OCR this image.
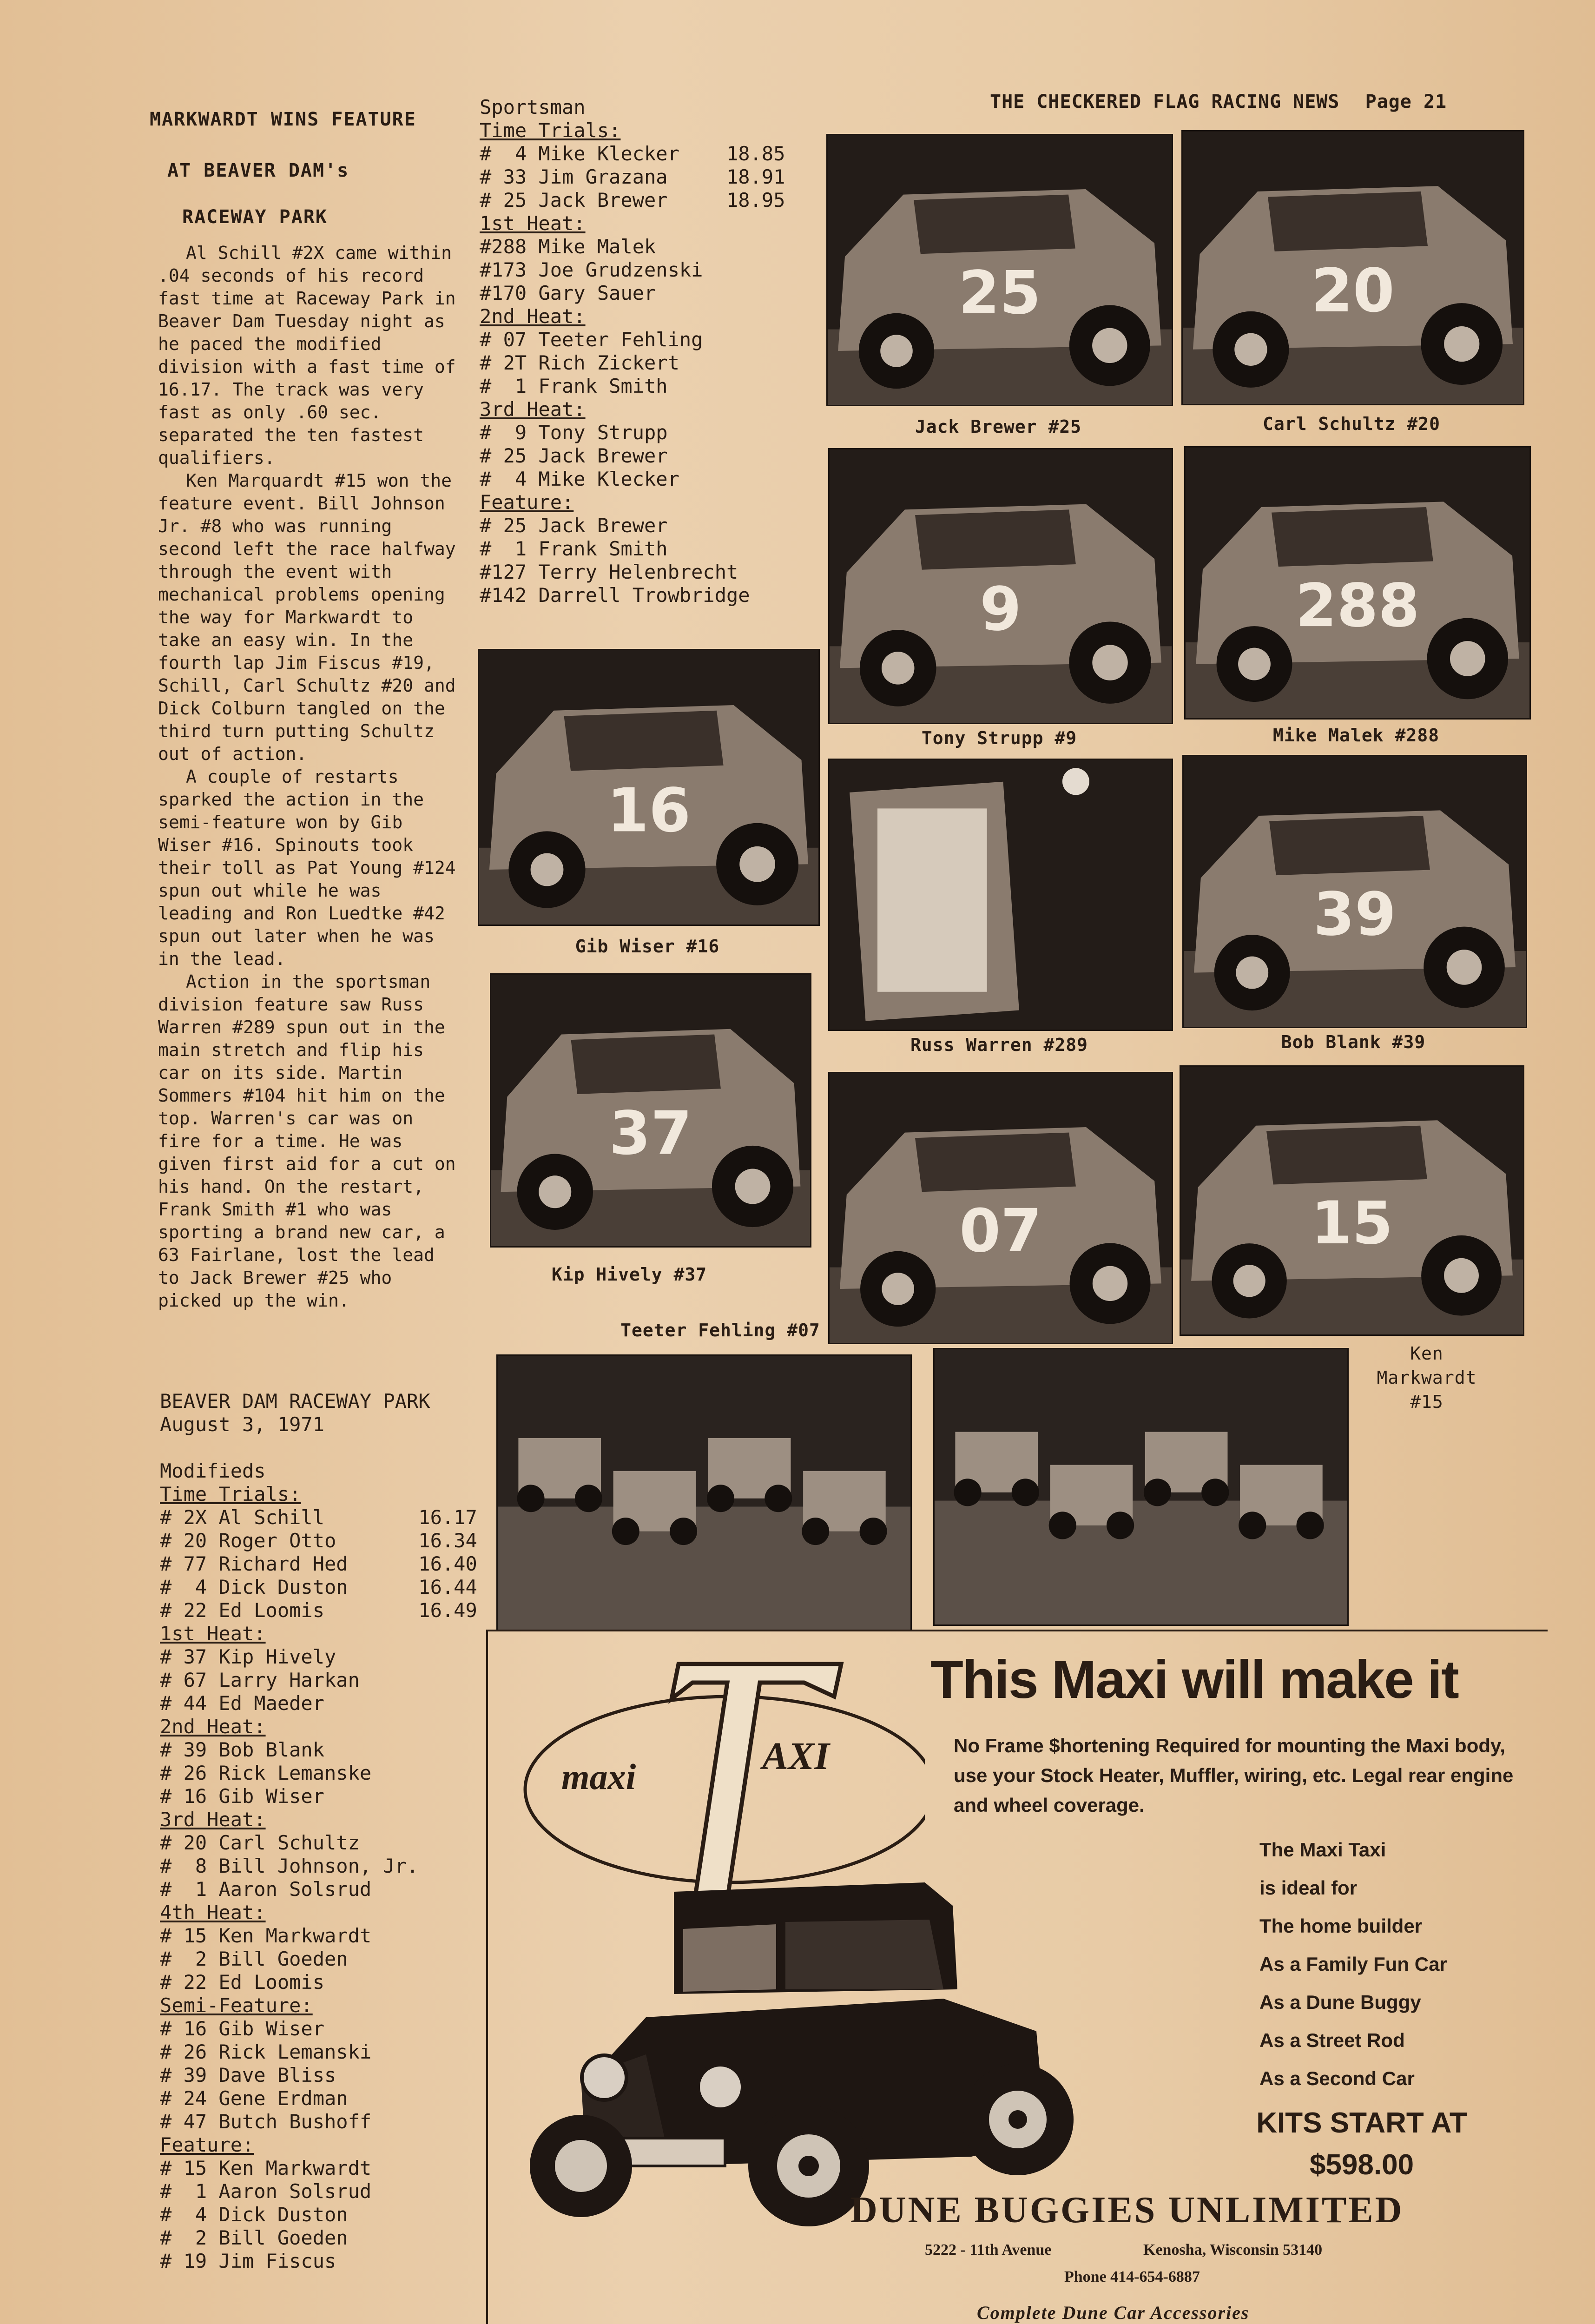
THE CHECKERED FLAG RACING NEWS Page 21
MARKWARDT WINS FEATURE
AT BEAVER DAM's
RACEWAY PARK

Al Schill #2X came within .04 seconds of his record fast time at Raceway Park in Beaver Dam Tuesday night as he paced the modified division with a fast time of 16.17. The track was very fast as only .60 sec. separated the ten fastest qualifiers.

Ken Marquardt #15 won the feature event. Bill Johnson Jr. #8 who was running second left the race halfway through the event with mechanical problems opening the way for Markwardt to take an easy win. In the fourth lap Jim Fiscus #19, Schill, Carl Schultz #20 and Dick Colburn tangled on the third turn putting Schultz out of action.

A couple of restarts sparked the action in the semi-feature won by Gib Wiser #16. Spinouts took their toll as Pat Young #124 spun out while he was leading and Ron Luedtke #42 spun out later when he was in the lead.

Action in the sportsman division feature saw Russ Warren #289 spun out in the main stretch and flip his car on its side. Martin Sommers #104 hit him on the top. Warren's car was on fire for a time. He was given first aid for a cut on his hand. On the restart, Frank Smith #1 who was sporting a brand new car, a 63 Fairlane, lost the lead to Jack Brewer #25 who picked up the win.

BEAVER DAM RACEWAY PARK
August 3, 1971
Modifieds
Time Trials:
# 2X Al Schill        16.17
# 20 Roger Otto       16.34
# 77 Richard Hed      16.40
#  4 Dick Duston      16.44
# 22 Ed Loomis        16.49
1st Heat:
# 37 Kip Hively
# 67 Larry Harkan
# 44 Ed Maeder
2nd Heat:
# 39 Bob Blank
# 26 Rick Lemanske
# 16 Gib Wiser
3rd Heat:
# 20 Carl Schultz
#  8 Bill Johnson, Jr.
#  1 Aaron Solsrud
4th Heat:
# 15 Ken Markwardt
#  2 Bill Goeden
# 22 Ed Loomis
Semi-Feature:
# 16 Gib Wiser
# 26 Rick Lemanski
# 39 Dave Bliss
# 24 Gene Erdman
# 47 Butch Bushoff
Feature:
# 15 Ken Markwardt
#  1 Aaron Solsrud
#  4 Dick Duston
#  2 Bill Goeden
# 19 Jim Fiscus
Sportsman
Time Trials:
#  4 Mike Klecker    18.85
# 33 Jim Grazana     18.91
# 25 Jack Brewer     18.95
1st Heat:
#288 Mike Malek
#173 Joe Grudzenski
#170 Gary Sauer
2nd Heat:
# 07 Teeter Fehling
# 2T Rich Zickert
#  1 Frank Smith
3rd Heat:
#  9 Tony Strupp
# 25 Jack Brewer
#  4 Mike Klecker
Feature:
# 25 Jack Brewer
#  1 Frank Smith
#127 Terry Helenbrecht
#142 Darrell Trowbridge
25
Jack Brewer #25
20
Carl Schultz #20
9
Tony Strupp #9
288
Mike Malek #288
16
Gib Wiser #16
Russ Warren #289
39
Bob Blank #39
37
Kip Hively #37
07
Teeter Fehling #07
15
Ken Markwardt #15
maxi	AXI
This Maxi will make it
No Frame $hortening Required for mounting the Maxi body, use your Stock Heater, Muffler, wiring, etc. Legal rear engine and wheel coverage.
The Maxi Taxi
is ideal for
The home builder
As a Family Fun Car
As a Dune Buggy
As a Street Rod
As a Second Car
KITS START AT
$598.00
DUNE BUGGIES UNLIMITED
5222 - 11th Avenue	Kenosha, Wisconsin 53140
Phone 414-654-6887
Complete Dune Car Accessories
